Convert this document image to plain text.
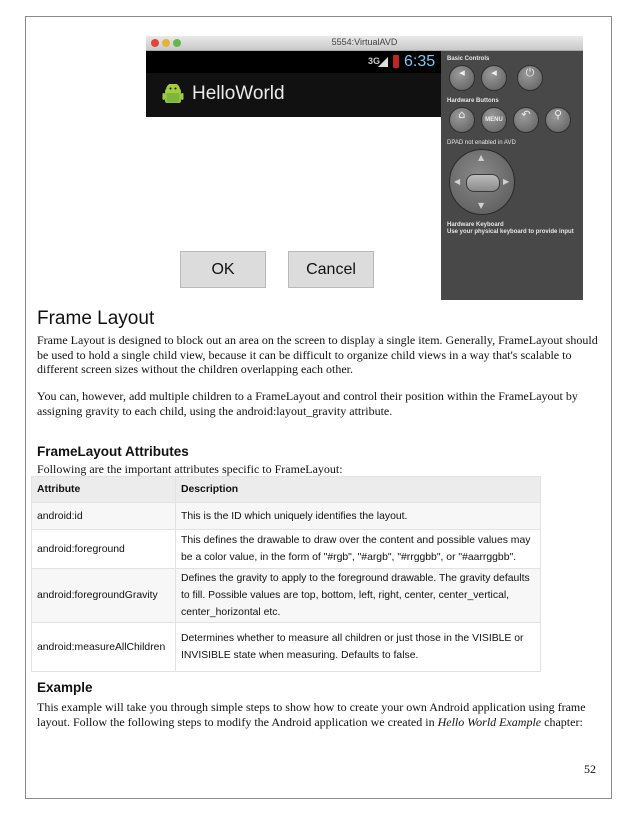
5554:VirtualAVD
3G 6:35
HelloWorld
OK	Cancel
Basic Controls
◂	◂	⏻
Hardware Buttons
⌂	MENU	↶	⚲
DPAD not enabled in AVD
▲
▼
◀	▶
Hardware Keyboard
Use your physical keyboard to provide input
Frame Layout

Frame Layout is designed to block out an area on the screen to display a single item. Generally, FrameLayout should be used to hold a single child view, because it can be difficult to organize child views in a way that's scalable to different screen sizes without the children overlapping each other.

You can, however, add multiple children to a FrameLayout and control their position within the FrameLayout by assigning gravity to each child, using the android:layout_gravity attribute.

FrameLayout Attributes

Following are the important attributes specific to FrameLayout:

Attribute	Description
android:id	This is the ID which uniquely identifies the layout.
android:foreground	This defines the drawable to draw over the content and possible values may be a color value, in the form of "#rgb", "#argb", "#rrggbb", or "#aarrggbb".
android:foregroundGravity	Defines the gravity to apply to the foreground drawable. The gravity defaults to fill. Possible values are top, bottom, left, right, center, center_vertical, center_horizontal etc.
android:measureAllChildren	Determines whether to measure all children or just those in the VISIBLE or INVISIBLE state when measuring. Defaults to false.
Example

This example will take you through simple steps to show how to create your own Android application using frame layout. Follow the following steps to modify the Android application we created in Hello World Example chapter:

52
